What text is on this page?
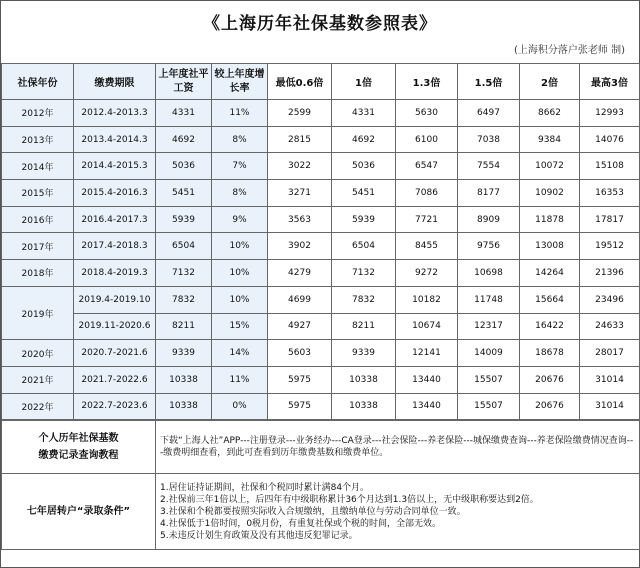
《上海历年社保基数参照表》
(上海积分落户张老师 制)
社保年份	缴费期限	上年度社平工资	较上年度增长率	最低0.6倍	1倍	1.3倍	1.5倍	2倍	最高3倍
2012年	2012.4-2013.3	4331	11%	2599	4331	5630	6497	8662	12993
2013年	2013.4-2014.3	4692	8%	2815	4692	6100	7038	9384	14076
2014年	2014.4-2015.3	5036	7%	3022	5036	6547	7554	10072	15108
2015年	2015.4-2016.3	5451	8%	3271	5451	7086	8177	10902	16353
2016年	2016.4-2017.3	5939	9%	3563	5939	7721	8909	11878	17817
2017年	2017.4-2018.3	6504	10%	3902	6504	8455	9756	13008	19512
2018年	2018.4-2019.3	7132	10%	4279	7132	9272	10698	14264	21396
2019年	2019.4-2019.10	7832	10%	4699	7832	10182	11748	15664	23496
	2019.11-2020.6	8211	15%	4927	8211	10674	12317	16422	24633
2020年	2020.7-2021.6	9339	14%	5603	9339	12141	14009	18678	28017
2021年	2021.7-2022.6	10338	11%	5975	10338	13440	15507	20676	31014
2022年	2022.7-2023.6	10338	0%	5975	10338	13440	15507	20676	31014
个人历年社保基数
缴费记录查询教程	下载“上海人社”APP---注册登录---业务经办---CA登录---社会保险---养老保险---城保缴费查询---养老保险缴费情况查询---缴费明细查看，到此可查看到历年缴费基数和缴费单位。
七年居转户“录取条件”	1.居住证持证期间，社保和个税同时累计满84个月。
2.社保前三年1倍以上，后四年有中级职称累计36个月达到1.3倍以上，无中级职称要达到2倍。
3.社保和个税都要按照实际收入合规缴纳，且缴纳单位与劳动合同单位一致。
4.社保低于1倍时间，0税月份，有重复社保或个税的时间，全部无效。
5.未违反计划生育政策及没有其他违反犯罪记录。
